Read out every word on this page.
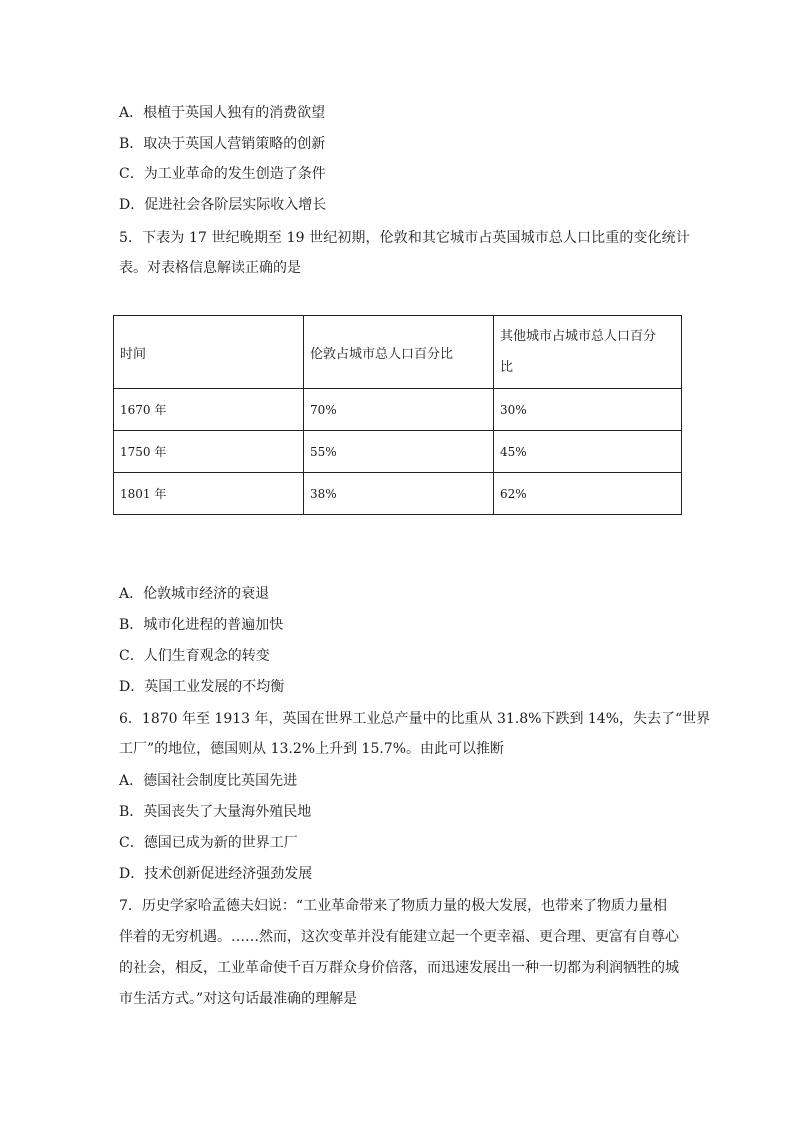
A．根植于英国人独有的消费欲望
B．取决于英国人营销策略的创新
C．为工业革命的发生创造了条件
D．促进社会各阶层实际收入增长
5．下表为 17 世纪晚期至 19 世纪初期，伦敦和其它城市占英国城市总人口比重的变化统计
表。对表格信息解读正确的是
时间	伦敦占城市总人口百分比	其他城市占城市总人口百分
比
1670 年	70%	30%
1750 年	55%	45%
1801 年	38%	62%
A．伦敦城市经济的衰退
B．城市化进程的普遍加快
C．人们生育观念的转变
D．英国工业发展的不均衡
6．1870 年至 1913 年，英国在世界工业总产量中的比重从 31.8%下跌到 14%，失去了“世界
工厂”的地位，德国则从 13.2%上升到 15.7%。由此可以推断
A．德国社会制度比英国先进
B．英国丧失了大量海外殖民地
C．德国已成为新的世界工厂
D．技术创新促进经济强劲发展
7．历史学家哈孟德夫妇说：“工业革命带来了物质力量的极大发展，也带来了物质力量相
伴着的无穷机遇。……然而，这次变革并没有能建立起一个更幸福、更合理、更富有自尊心
的社会，相反，工业革命使千百万群众身价倍落，而迅速发展出一种一切都为利润牺牲的城
市生活方式。”对这句话最准确的理解是
